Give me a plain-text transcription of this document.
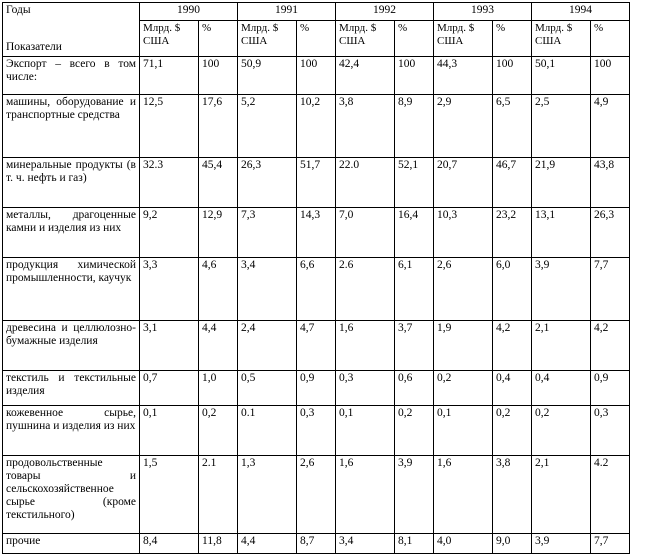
Годы
Показатели	1990		1991		1992		1993		1994	
	Млрд. $ США	%	Млрд. $ США	%	Млрд. $ США	%	Млрд. $ США	%	Млрд. $ США	%
Экспорт – всего в том числе:	71,1	100	50,9	100	42,4	100	44,3	100	50,1	100
машины, оборудование и транспортные средства	12,5	17,6	5,2	10,2	3,8	8,9	2,9	6,5	2,5	4,9
минеральные продукты (в т. ч. нефть и газ)	32.3	45,4	26,3	51,7	22.0	52,1	20,7	46,7	21,9	43,8
металлы, драгоценные камни и изделия из них	9,2	12,9	7,3	14,3	7,0	16,4	10,3	23,2	13,1	26,3
продукция химической промышленности, каучук	3,3	4,6	3,4	6,6	2.6	6,1	2,6	6,0	3,9	7,7
древесина и целлюлозно-бумажные изделия	3,1	4,4	2,4	4,7	1,6	3,7	1,9	4,2	2,1	4,2
текстиль и текстильные изделия	0,7	1,0	0,5	0,9	0,3	0,6	0,2	0,4	0,4	0,9
кожевенное сырье, пушнина и изделия из них	0,1	0,2	0.1	0,3	0,1	0,2	0,1	0,2	0,2	0,3
продовольственные товары и сельскохозяйственное сырье (кроме текстильного)	1,5	2.1	1,3	2,6	1,6	3,9	1,6	3,8	2,1	4.2
прочие	8,4	11,8	4,4	8,7	3,4	8,1	4,0	9,0	3,9	7,7
